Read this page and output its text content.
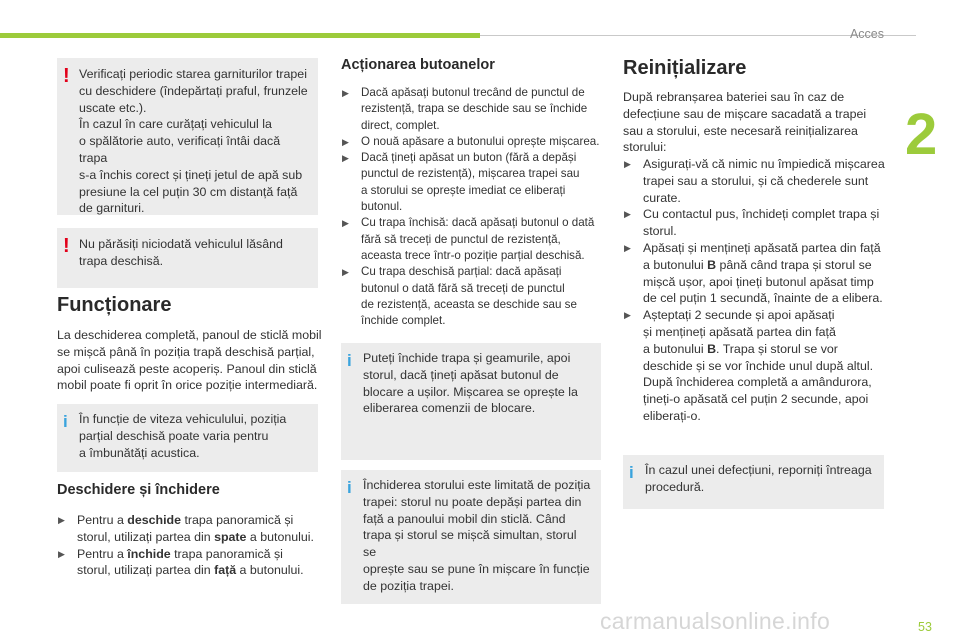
Acces
2
carmanualsonline.info	53
! Verificați periodic starea garniturilor trapei
cu deschidere (îndepărtați praful, frunzele
uscate etc.).
În cazul în care curățați vehiculul la
o spălătorie auto, verificați întâi dacă trapa
s-a închis corect și țineți jetul de apă sub
presiune la cel puțin 30 cm distanță față
de garnituri.
! Nu părăsiți niciodată vehiculul lăsând
trapa deschisă.
Funcționare
La deschiderea completă, panoul de sticlă mobil
se mișcă până în poziția trapă deschisă parțial,
apoi culisează peste acoperiș. Panoul din sticlă
mobil poate fi oprit în orice poziție intermediară.
i În funcție de viteza vehiculului, poziția
parțial deschisă poate varia pentru
a îmbunătăți acustica.
Deschidere și închidere
▶ Pentru a deschide trapa panoramică și
storul, utilizați partea din spate a butonului.
▶ Pentru a închide trapa panoramică și
storul, utilizați partea din față a butonului.
Acționarea butoanelor
▶ Dacă apăsați butonul trecând de punctul de
rezistență, trapa se deschide sau se închide
direct, complet.
▶ O nouă apăsare a butonului oprește mișcarea.
▶ Dacă țineți apăsat un buton (fără a depăși
punctul de rezistență), mișcarea trapei sau
a storului se oprește imediat ce eliberați
butonul.
▶ Cu trapa închisă: dacă apăsați butonul o dată
fără să treceți de punctul de rezistență,
aceasta trece într-o poziție parțial deschisă.
▶ Cu trapa deschisă parțial: dacă apăsați
butonul o dată fără să treceți de punctul
de rezistență, aceasta se deschide sau se
închide complet.
i Puteți închide trapa și geamurile, apoi
storul, dacă țineți apăsat butonul de
blocare a ușilor. Mișcarea se oprește la
eliberarea comenzii de blocare.
i Închiderea storului este limitată de poziția
trapei: storul nu poate depăși partea din
față a panoului mobil din sticlă. Când
trapa și storul se mișcă simultan, storul se
oprește sau se pune în mișcare în funcție
de poziția trapei.
Reinițializare
După rebranșarea bateriei sau în caz de
defecțiune sau de mișcare sacadată a trapei
sau a storului, este necesară reinițializarea
storului:
▶ Asigurați-vă că nimic nu împiedică mișcarea
trapei sau a storului, și că chederele sunt
curate.
▶ Cu contactul pus, închideți complet trapa și
storul.
▶ Apăsați și mențineți apăsată partea din față
a butonului B până când trapa și storul se
mișcă ușor, apoi țineți butonul apăsat timp
de cel puțin 1 secundă, înainte de a elibera.
▶ Așteptați 2 secunde și apoi apăsați
și mențineți apăsată partea din față
a butonului B. Trapa și storul se vor
deschide și se vor închide unul după altul.
După închiderea completă a amândurora,
țineți-o apăsată cel puțin 2 secunde, apoi
eliberați-o.
i În cazul unei defecțiuni, reporniți întreaga
procedură.
